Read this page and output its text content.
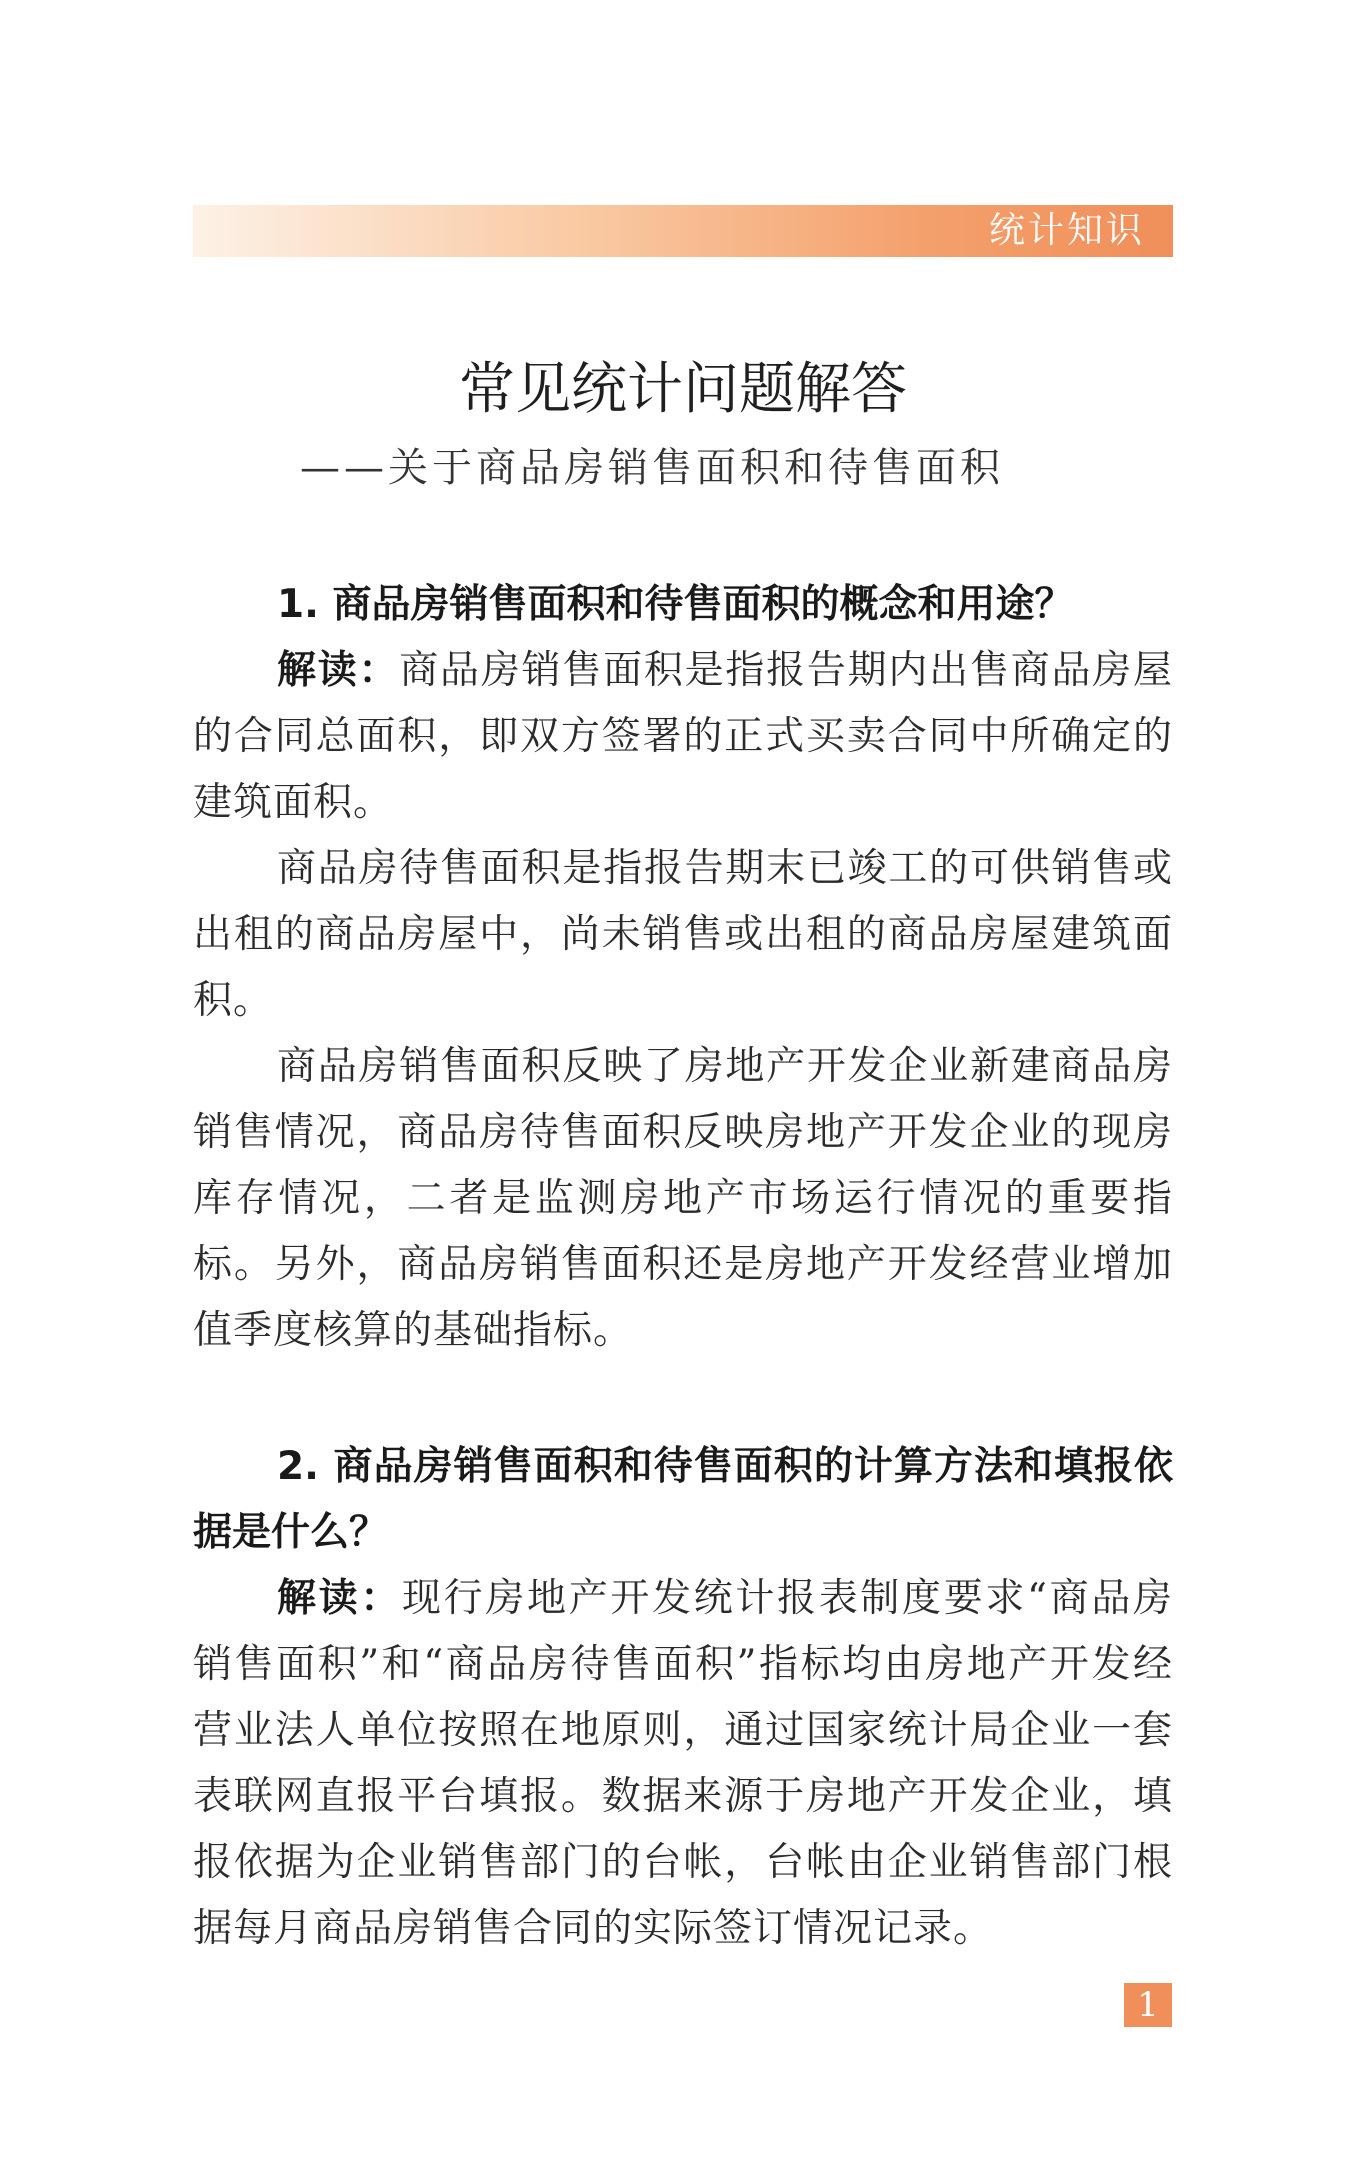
统计知识
常见统计问题解答
——关于商品房销售面积和待售面积

1. 商品房销售面积和待售面积的概念和用途？

解读：商品房销售面积是指报告期内出售商品房屋的合同总面积，即双方签署的正式买卖合同中所确定的建筑面积。

商品房待售面积是指报告期末已竣工的可供销售或出租的商品房屋中，尚未销售或出租的商品房屋建筑面积。

商品房销售面积反映了房地产开发企业新建商品房销售情况，商品房待售面积反映房地产开发企业的现房库存情况，二者是监测房地产市场运行情况的重要指标。另外，商品房销售面积还是房地产开发经营业增加值季度核算的基础指标。

2. 商品房销售面积和待售面积的计算方法和填报依据是什么？

解读：现行房地产开发统计报表制度要求“商品房销售面积”和“商品房待售面积”指标均由房地产开发经营业法人单位按照在地原则，通过国家统计局企业一套表联网直报平台填报。数据来源于房地产开发企业，填报依据为企业销售部门的台帐，台帐由企业销售部门根据每月商品房销售合同的实际签订情况记录。

1
